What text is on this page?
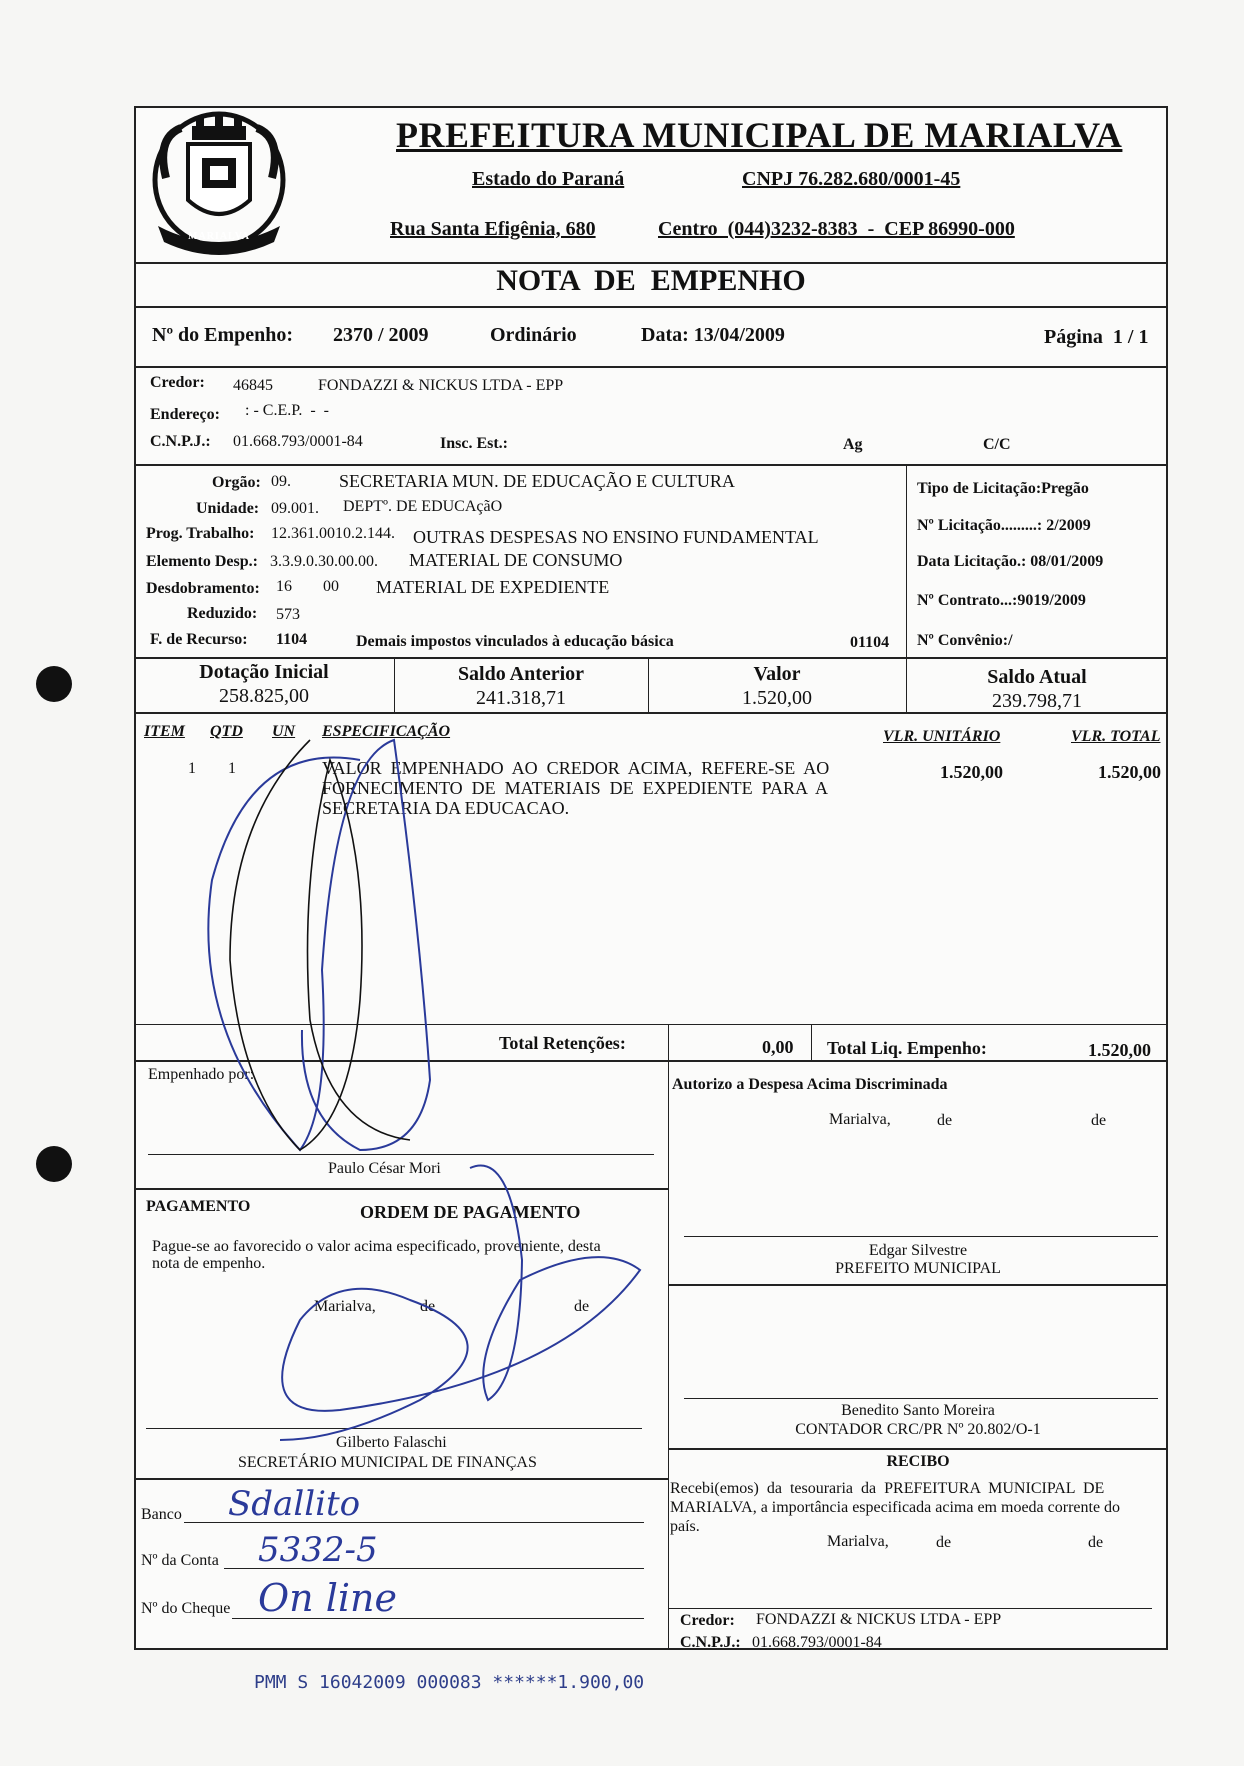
MARIALVA
PREFEITURA MUNICIPAL DE MARIALVA
Estado do Paraná	CNPJ 76.282.680/0001-45
Rua Santa Efigênia, 680	Centro  (044)3232-8383  -  CEP 86990-000
NOTA  DE  EMPENHO
Nº do Empenho: 2370 / 2009	Ordinário	Data: 13/04/2009	Página  1 / 1
Credor: 46845	FONDAZZI & NICKUS LTDA - EPP
Endereço: : - C.E.P.  -  -
C.N.P.J.: 01.668.793/0001-84	Insc. Est.:	Ag	C/C
Orgão: 09.	SECRETARIA MUN. DE EDUCAÇÃO E CULTURA
Unidade: 09.001. DEPTº. DE EDUCAçãO
Prog. Trabalho: 12.361.0010.2.144. OUTRAS DESPESAS NO ENSINO FUNDAMENTAL
Elemento Desp.: 3.3.9.0.30.00.00. MATERIAL DE CONSUMO
Desdobramento: 16 00 MATERIAL DE EXPEDIENTE
Reduzido: 573
F. de Recurso: 1104	Demais impostos vinculados à educação básica	01104
Tipo de Licitação:Pregão
Nº Licitação.........: 2/2009
Data Licitação.: 08/01/2009
Nº Contrato...:9019/2009
Nº Convênio:/
Dotação Inicial
258.825,00
Saldo Anterior
241.318,71
Valor
1.520,00
Saldo Atual
239.798,71
ITEM QTD UN ESPECIFICAÇÃO	VLR. UNITÁRIO	VLR. TOTAL
1 1	VALOR  EMPENHADO  AO  CREDOR  ACIMA,  REFERE-SE  AO
FORNECIMENTO  DE  MATERIAIS  DE  EXPEDIENTE  PARA  A
SECRETARIA DA EDUCACAO.
1.520,00	1.520,00
Total Retenções:	0,00 Total Liq. Empenho:	1.520,00
Empenhado por:
Paulo César Mori
Autorizo a Despesa Acima Discriminada
Marialva,	de	de
Edgar Silvestre
PREFEITO MUNICIPAL
Benedito Santo Moreira
CONTADOR CRC/PR Nº 20.802/O-1
PAGAMENTO	ORDEM DE PAGAMENTO
Pague-se ao favorecido o valor acima especificado, proveniente, desta
nota de empenho.
Marialva,	de	de
Gilberto Falaschi
SECRETÁRIO MUNICIPAL DE FINANÇAS	RECIBO
Recebi(emos)  da  tesouraria  da  PREFEITURA  MUNICIPAL  DE
MARIALVA, a importância especificada acima em moeda corrente do
país.
Marialva,	de	de
Credor: FONDAZZI & NICKUS LTDA - EPP
C.N.P.J.: 01.668.793/0001-84
Banco Sdallito
Nº da Conta 5332-5
Nº do Cheque On line
PMM S 16042009 000083 ******1.900,00
